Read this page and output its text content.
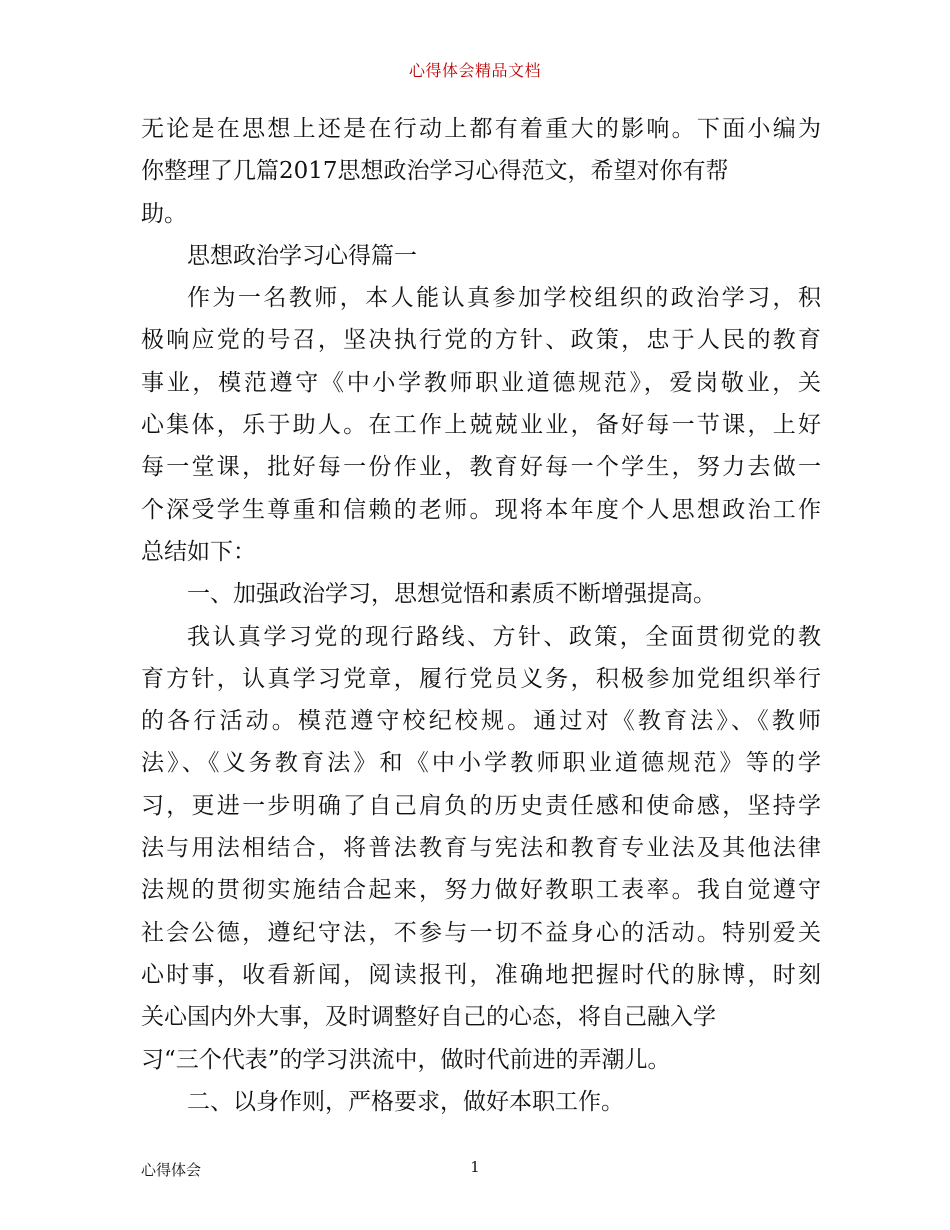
心得体会精品文档
无论是在思想上还是在行动上都有着重大的影响。下面小编为
你整理了几篇2017思想政治学习心得范文，希望对你有帮
助。
思想政治学习心得篇一
作为一名教师，本人能认真参加学校组织的政治学习，积
极响应党的号召，坚决执行党的方针、政策，忠于人民的教育
事业，模范遵守《中小学教师职业道德规范》，爱岗敬业，关
心集体，乐于助人。在工作上兢兢业业，备好每一节课，上好
每一堂课，批好每一份作业，教育好每一个学生，努力去做一
个深受学生尊重和信赖的老师。现将本年度个人思想政治工作
总结如下：
一、加强政治学习，思想觉悟和素质不断增强提高。
我认真学习党的现行路线、方针、政策，全面贯彻党的教
育方针，认真学习党章，履行党员义务，积极参加党组织举行
的各行活动。模范遵守校纪校规。通过对《教育法》、《教师
法》、《义务教育法》和《中小学教师职业道德规范》等的学
习，更进一步明确了自己肩负的历史责任感和使命感，坚持学
法与用法相结合，将普法教育与宪法和教育专业法及其他法律
法规的贯彻实施结合起来，努力做好教职工表率。我自觉遵守
社会公德，遵纪守法，不参与一切不益身心的活动。特别爱关
心时事，收看新闻，阅读报刊，准确地把握时代的脉博，时刻
关心国内外大事，及时调整好自己的心态，将自己融入学
习“三个代表”的学习洪流中，做时代前进的弄潮儿。
二、以身作则，严格要求，做好本职工作。
心得体会	1
